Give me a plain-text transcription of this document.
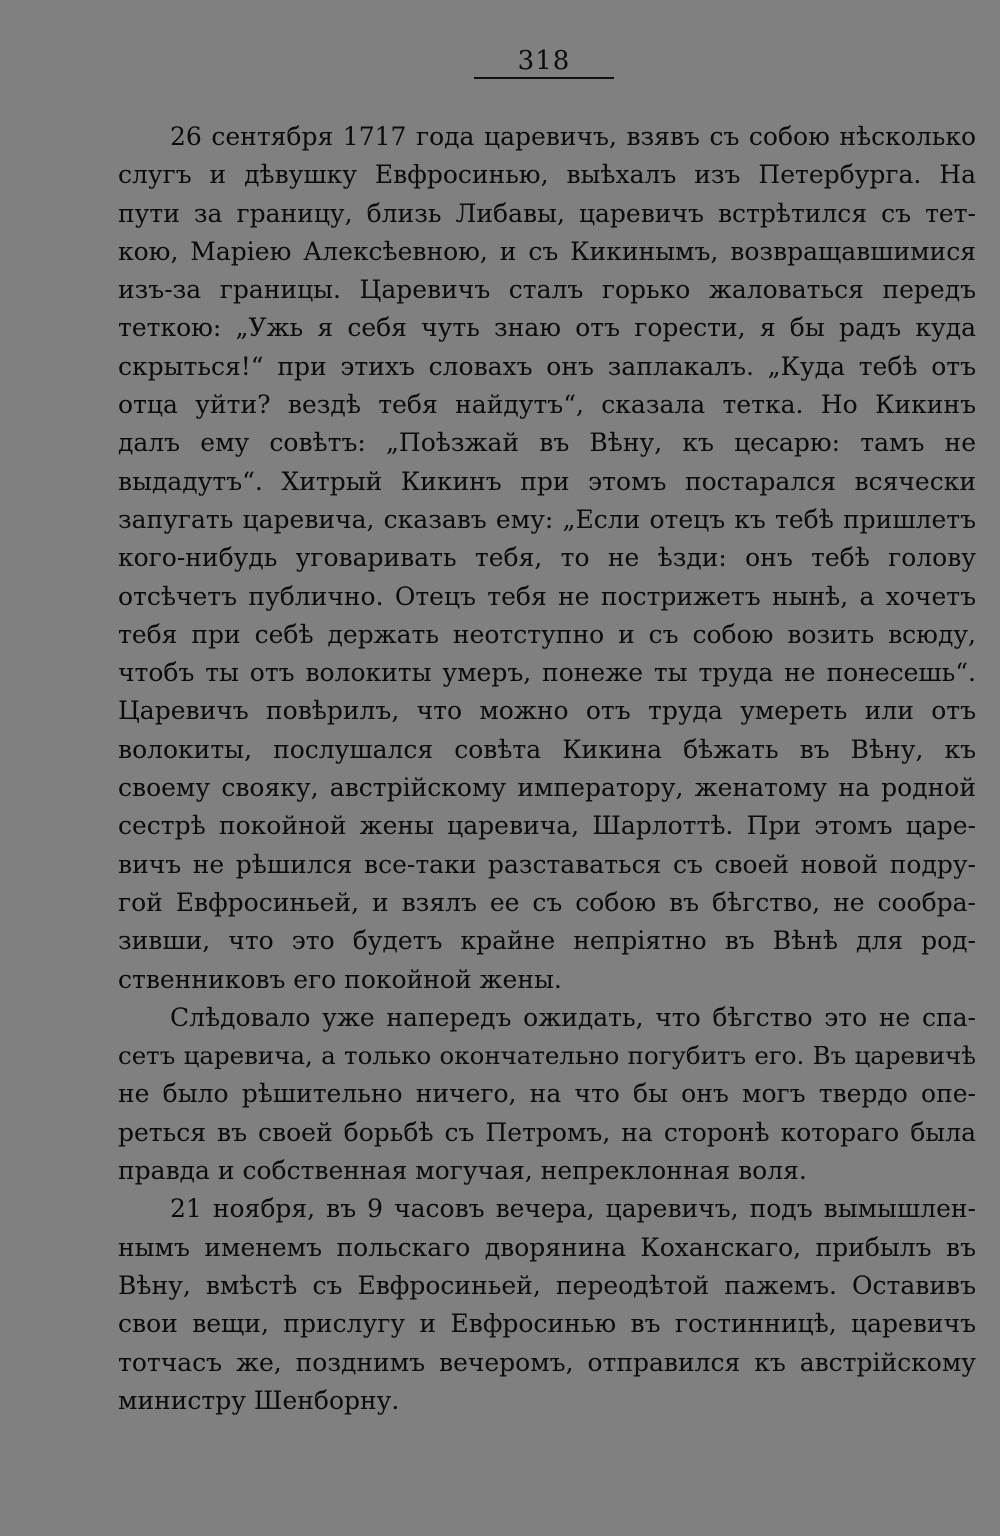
318
26 сентября 1717 года царевичъ, взявъ съ собою нѣсколько
слугъ и дѣвушку Евфросинью, выѣхалъ изъ Петербурга. На
пути за границу, близь Либавы, царевичъ встрѣтился съ тет-
кою, Маріею Алексѣевною, и съ Кикинымъ, возвращавшимися
изъ-за границы. Царевичъ сталъ горько жаловаться передъ
теткою: „Ужь я себя чуть знаю отъ горести, я бы радъ куда
скрыться!“ при этихъ словахъ онъ заплакалъ. „Куда тебѣ отъ
отца уйти? вездѣ тебя найдутъ“, сказала тетка. Но Кикинъ
далъ ему совѣтъ: „Поѣзжай въ Вѣну, къ цесарю: тамъ не
выдадутъ“. Хитрый Кикинъ при этомъ постарался всячески
запугать царевича, сказавъ ему: „Если отецъ къ тебѣ пришлетъ
кого-нибудь уговаривать тебя, то не ѣзди: онъ тебѣ голову
отсѣчетъ публично. Отецъ тебя не пострижетъ нынѣ, а хочетъ
тебя при себѣ держать неотступно и съ собою возить всюду,
чтобъ ты отъ волокиты умеръ, понеже ты труда не понесешь“.
Царевичъ повѣрилъ, что можно отъ труда умереть или отъ
волокиты, послушался совѣта Кикина бѣжать въ Вѣну, къ
своему свояку, австрійскому императору, женатому на родной
сестрѣ покойной жены царевича, Шарлоттѣ. При этомъ царе-
вичъ не рѣшился все-таки разставаться съ своей новой подру-
гой Евфросиньей, и взялъ ее съ собою въ бѣгство, не сообра-
зивши, что это будетъ крайне непріятно въ Вѣнѣ для род-
ственниковъ его покойной жены.
Слѣдовало уже напередъ ожидать, что бѣгство это не спа-
сетъ царевича, а только окончательно погубитъ его. Въ царевичѣ
не было рѣшительно ничего, на что бы онъ могъ твердо опе-
реться въ своей борьбѣ съ Петромъ, на сторонѣ котораго была
правда и собственная могучая, непреклонная воля.
21 ноября, въ 9 часовъ вечера, царевичъ, подъ вымышлен-
нымъ именемъ польскаго дворянина Коханскаго, прибылъ въ
Вѣну, вмѣстѣ съ Евфросиньей, переодѣтой пажемъ. Оставивъ
свои вещи, прислугу и Евфросинью въ гостинницѣ, царевичъ
тотчасъ же, позднимъ вечеромъ, отправился къ австрійскому
министру Шенборну.
